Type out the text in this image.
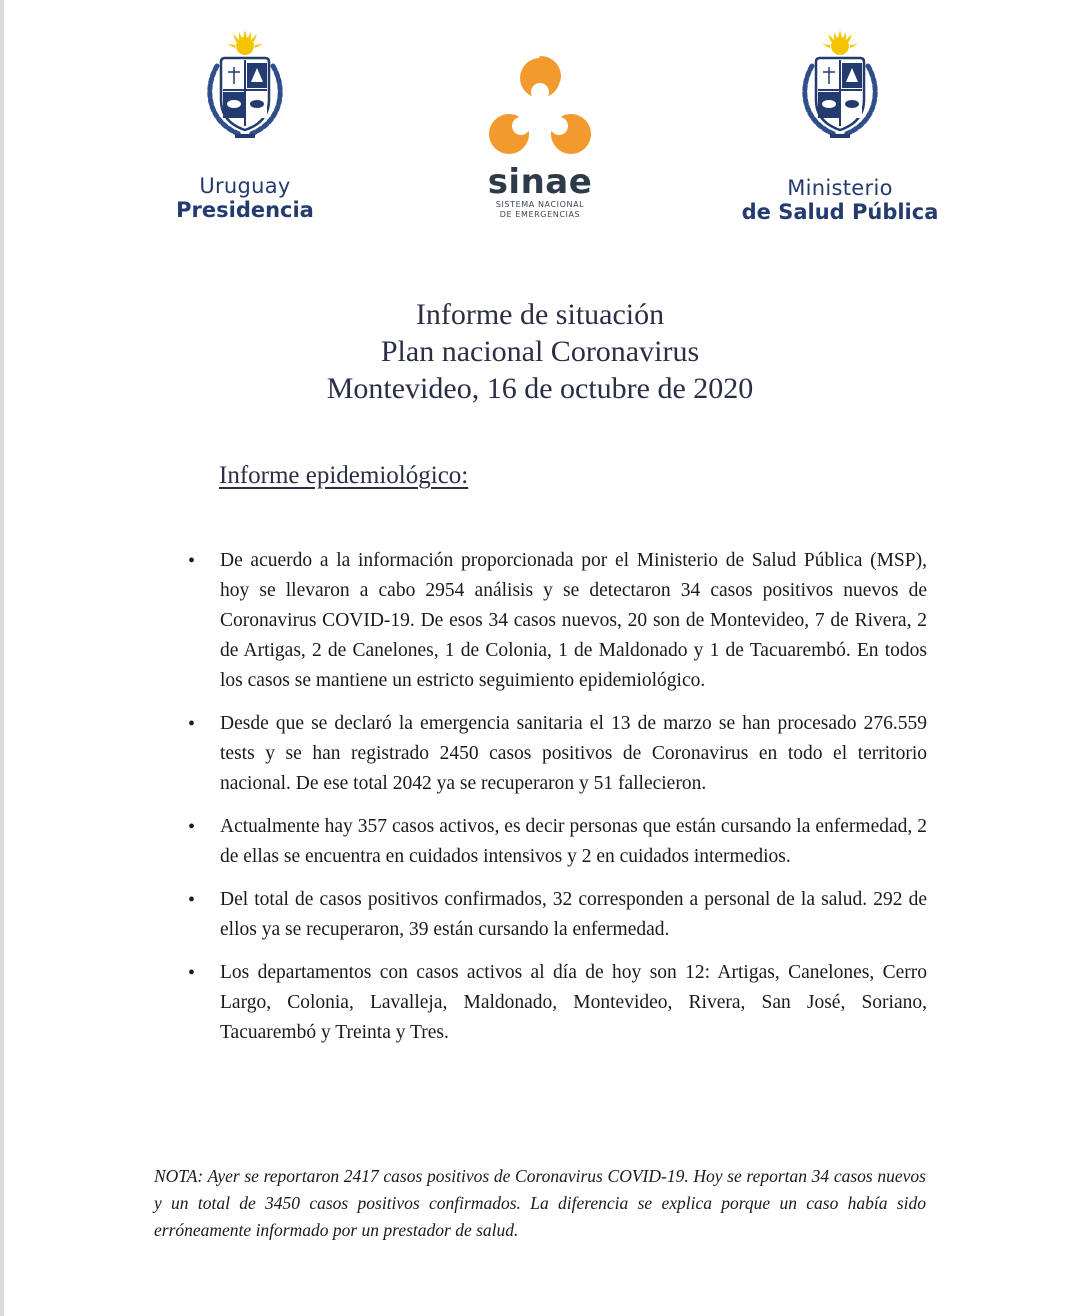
Uruguay
Presidencia
sinae
SISTEMA NACIONAL
DE EMERGENCIAS
Ministerio
de Salud Pública
Informe de situación
Plan nacional Coronavirus
Montevideo, 16 de octubre de 2020
Informe epidemiológico:
• De acuerdo a la información proporcionada por el Ministerio de Salud Pública (MSP), hoy se llevaron a cabo 2954 análisis y se detectaron 34 casos positivos nuevos de Coronavirus COVID-19. De esos 34 casos nuevos, 20 son de Montevideo, 7 de Rivera, 2 de Artigas, 2 de Canelones, 1 de Colonia, 1 de Maldonado y 1 de Tacuarembó. En todos los casos se mantiene un estricto seguimiento epidemiológico.
• Desde que se declaró la emergencia sanitaria el 13 de marzo se han procesado 276.559 tests y se han registrado 2450 casos positivos de Coronavirus en todo el territorio nacional. De ese total 2042 ya se recuperaron y 51 fallecieron.
• Actualmente hay 357 casos activos, es decir personas que están cursando la enfermedad, 2 de ellas se encuentra en cuidados intensivos y 2 en cuidados intermedios.
• Del total de casos positivos confirmados, 32 corresponden a personal de la salud. 292 de ellos ya se recuperaron, 39 están cursando la enfermedad.
• Los departamentos con casos activos al día de hoy son 12: Artigas, Canelones, Cerro Largo, Colonia, Lavalleja, Maldonado, Montevideo, Rivera, San José, Soriano, Tacuarembó y Treinta y Tres.
NOTA: Ayer se reportaron 2417 casos positivos de Coronavirus COVID-19. Hoy se reportan 34 casos nuevos y un total de 3450 casos positivos confirmados. La diferencia se explica porque un caso había sido erróneamente informado por un prestador de salud.
